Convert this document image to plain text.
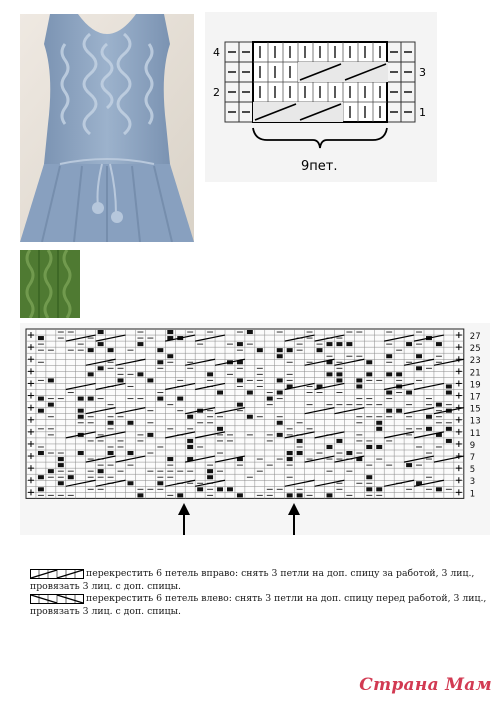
4
2
3
1
9пет.
27
25
23
21
19
17
15
13
11
9
7
5
3
1
перекрестить 6 петель вправо: снять 3 петли на доп. спицу за работой, 3 лиц.,
провязать 3 лиц. с доп. спицы.
перекрестить 6 петель влево: снять 3 петли на доп. спицу перед работой, 3 лиц.,
провязать 3 лиц. с доп. спицы.
Страна Мам
